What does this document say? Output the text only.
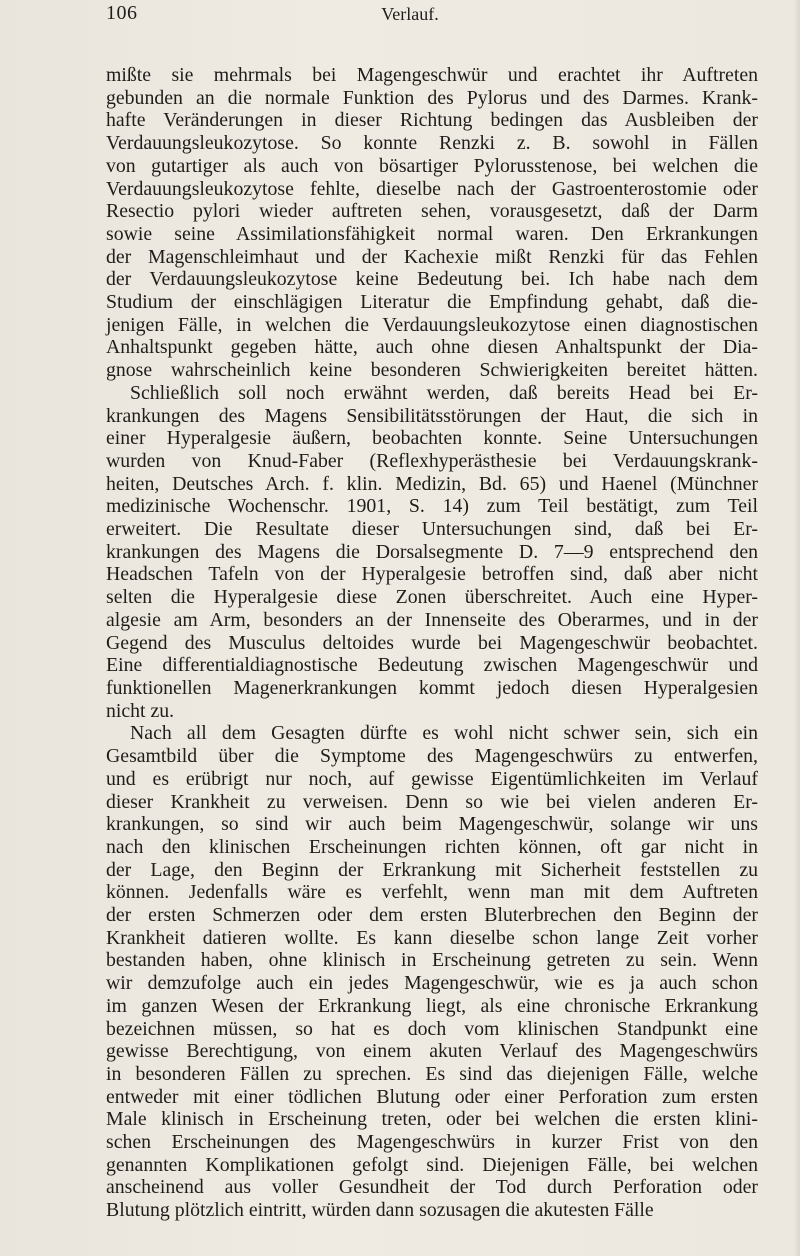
106	Verlauf.
mißte sie mehrmals bei Magengeschwür und erachtet ihr Auftreten
gebunden an die normale Funktion des Pylorus und des Darmes. Krank-
hafte Veränderungen in dieser Richtung bedingen das Ausbleiben der
Verdauungsleukozytose. So konnte Renzki z. B. sowohl in Fällen
von gutartiger als auch von bösartiger Pylorusstenose, bei welchen die
Verdauungsleukozytose fehlte, dieselbe nach der Gastroenterostomie oder
Resectio pylori wieder auftreten sehen, vorausgesetzt, daß der Darm
sowie seine Assimilationsfähigkeit normal waren. Den Erkrankungen
der Magenschleimhaut und der Kachexie mißt Renzki für das Fehlen
der Verdauungsleukozytose keine Bedeutung bei. Ich habe nach dem
Studium der einschlägigen Literatur die Empfindung gehabt, daß die-
jenigen Fälle, in welchen die Verdauungsleukozytose einen diagnostischen
Anhaltspunkt gegeben hätte, auch ohne diesen Anhaltspunkt der Dia-
gnose wahrscheinlich keine besonderen Schwierigkeiten bereitet hätten.
Schließlich soll noch erwähnt werden, daß bereits Head bei Er-
krankungen des Magens Sensibilitätsstörungen der Haut, die sich in
einer Hyperalgesie äußern, beobachten konnte. Seine Untersuchungen
wurden von Knud-Faber (Reflexhyperästhesie bei Verdauungskrank-
heiten, Deutsches Arch. f. klin. Medizin, Bd. 65) und Haenel (Münchner
medizinische Wochenschr. 1901, S. 14) zum Teil bestätigt, zum Teil
erweitert. Die Resultate dieser Untersuchungen sind, daß bei Er-
krankungen des Magens die Dorsalsegmente D. 7—9 entsprechend den
Headschen Tafeln von der Hyperalgesie betroffen sind, daß aber nicht
selten die Hyperalgesie diese Zonen überschreitet. Auch eine Hyper-
algesie am Arm, besonders an der Innenseite des Oberarmes, und in der
Gegend des Musculus deltoides wurde bei Magengeschwür beobachtet.
Eine differentialdiagnostische Bedeutung zwischen Magengeschwür und
funktionellen Magenerkrankungen kommt jedoch diesen Hyperalgesien
nicht zu.
Nach all dem Gesagten dürfte es wohl nicht schwer sein, sich ein
Gesamtbild über die Symptome des Magengeschwürs zu entwerfen,
und es erübrigt nur noch, auf gewisse Eigentümlichkeiten im Verlauf
dieser Krankheit zu verweisen. Denn so wie bei vielen anderen Er-
krankungen, so sind wir auch beim Magengeschwür, solange wir uns
nach den klinischen Erscheinungen richten können, oft gar nicht in
der Lage, den Beginn der Erkrankung mit Sicherheit feststellen zu
können. Jedenfalls wäre es verfehlt, wenn man mit dem Auftreten
der ersten Schmerzen oder dem ersten Bluterbrechen den Beginn der
Krankheit datieren wollte. Es kann dieselbe schon lange Zeit vorher
bestanden haben, ohne klinisch in Erscheinung getreten zu sein. Wenn
wir demzufolge auch ein jedes Magengeschwür, wie es ja auch schon
im ganzen Wesen der Erkrankung liegt, als eine chronische Erkrankung
bezeichnen müssen, so hat es doch vom klinischen Standpunkt eine
gewisse Berechtigung, von einem akuten Verlauf des Magengeschwürs
in besonderen Fällen zu sprechen. Es sind das diejenigen Fälle, welche
entweder mit einer tödlichen Blutung oder einer Perforation zum ersten
Male klinisch in Erscheinung treten, oder bei welchen die ersten klini-
schen Erscheinungen des Magengeschwürs in kurzer Frist von den
genannten Komplikationen gefolgt sind. Diejenigen Fälle, bei welchen
anscheinend aus voller Gesundheit der Tod durch Perforation oder
Blutung plötzlich eintritt, würden dann sozusagen die akutesten Fälle
